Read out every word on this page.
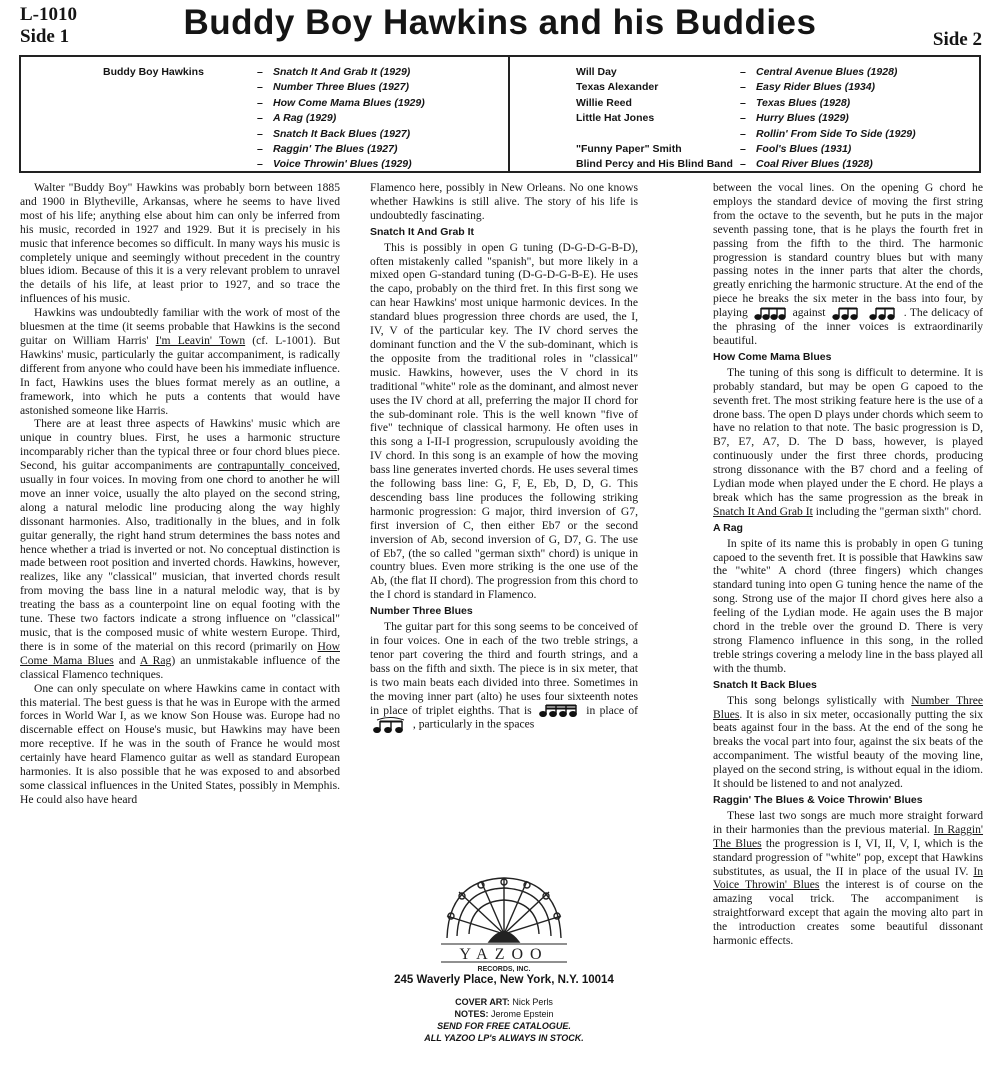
L-1010
Side 1	Buddy Boy Hawkins and his Buddies	Side 2
Buddy Boy Hawkins	– Snatch It And Grab It (1929)
– Number Three Blues (1927)
– How Come Mama Blues (1929)
– A Rag (1929)
– Snatch It Back Blues (1927)
– Raggin' The Blues (1927)
– Voice Throwin' Blues (1929)
Will Day	– Central Avenue Blues (1928)
Texas Alexander	– Easy Rider Blues (1934)
Willie Reed	– Texas Blues (1928)
Little Hat Jones	– Hurry Blues (1929)
– Rollin' From Side To Side (1929)
"Funny Paper" Smith	– Fool's Blues (1931)
Blind Percy and His Blind Band – Coal River Blues (1928)

Walter "Buddy Boy" Hawkins was probably born between 1885 and 1900 in Blytheville, Arkansas, where he seems to have lived most of his life; anything else about him can only be inferred from his music, recorded in 1927 and 1929. But it is precisely in his music that inference becomes so difficult. In many ways his music is completely unique and seemingly without precedent in the country blues idiom. Because of this it is a very relevant problem to unravel the details of his life, at least prior to 1927, and so trace the influences of his music.

Hawkins was undoubtedly familiar with the work of most of the bluesmen at the time (it seems probable that Hawkins is the second guitar on William Harris' I'm Leavin' Town (cf. L-1001). But Hawkins' music, particularly the guitar accompaniment, is radically different from anyone who could have been his immediate influence. In fact, Hawkins uses the blues format merely as an outline, a framework, into which he puts a contents that would have astonished someone like Harris.

There are at least three aspects of Hawkins' music which are unique in country blues. First, he uses a harmonic structure incomparably richer than the typical three or four chord blues piece. Second, his guitar accompaniments are contrapuntally conceived, usually in four voices. In moving from one chord to another he will move an inner voice, usually the alto played on the second string, along a natural melodic line producing along the way highly dissonant harmonies. Also, traditionally in the blues, and in folk guitar generally, the right hand strum determines the bass notes and hence whether a triad is inverted or not. No conceptual distinction is made between root position and inverted chords. Hawkins, however, realizes, like any "classical" musician, that inverted chords result from moving the bass line in a natural melodic way, that is by treating the bass as a counterpoint line on equal footing with the tune. These two factors indicate a strong influence on "classical" music, that is the composed music of white western Europe. Third, there is in some of the material on this record (primarily on How Come Mama Blues and A Rag) an unmistakable influence of the classical Flamenco techniques.

One can only speculate on where Hawkins came in contact with this material. The best guess is that he was in Europe with the armed forces in World War I, as we know Son House was. Europe had no discernable effect on House's music, but Hawkins may have been more receptive. If he was in the south of France he would most certainly have heard Flamenco guitar as well as standard European harmonies. It is also possible that he was exposed to and absorbed some classical influences in the United States, possibly in Memphis. He could also have heard

Flamenco here, possibly in New Orleans. No one knows whether Hawkins is still alive. The story of his life is undoubtedly fascinating.

Snatch It And Grab It

This is possibly in open G tuning (D-G-D-G-B-D), often mistakenly called "spanish", but more likely in a mixed open G-standard tuning (D-G-D-G-B-E). He uses the capo, probably on the third fret. In this first song we can hear Hawkins' most unique harmonic devices. In the standard blues progression three chords are used, the I, IV, V of the particular key. The IV chord serves the dominant function and the V the sub-dominant, which is the opposite from the traditional roles in "classical" music. Hawkins, however, uses the V chord in its traditional "white" role as the dominant, and almost never uses the IV chord at all, preferring the major II chord for the sub-dominant role. This is the well known "five of five" technique of classical harmony. He often uses in this song a I-II-I progression, scrupulously avoiding the IV chord. In this song is an example of how the moving bass line generates inverted chords. He uses several times the following bass line: G, F, E, Eb, D, D, G. This descending bass line produces the following striking harmonic progression: G major, third inversion of G7, first inversion of C, then either Eb7 or the second inversion of Ab, second inversion of G, D7, G. The use of Eb7, (the so called "german sixth" chord) is unique in country blues. Even more striking is the one use of the Ab, (the flat II chord). The progression from this chord to the I chord is standard in Flamenco.

Number Three Blues

The guitar part for this song seems to be conceived of in four voices. One in each of the two treble strings, a tenor part covering the third and fourth strings, and a bass on the fifth and sixth. The piece is in six meter, that is two main beats each divided into three. Sometimes in the moving inner part (alto) he uses four sixteenth notes in place of triplet eighths. That is	in place of  , particularly in the spaces

YAZOO
RECORDS, INC.
245 Waverly Place, New York, N.Y. 10014
COVER ART: Nick Perls
NOTES: Jerome Epstein
SEND FOR FREE CATALOGUE.
ALL YAZOO LP's ALWAYS IN STOCK.

between the vocal lines. On the opening G chord he employs the standard device of moving the first string from the octave to the seventh, but he puts in the major seventh passing tone, that is he plays the fourth fret in passing from the fifth to the third. The harmonic progression is standard country blues but with many passing notes in the inner parts that alter the chords, greatly enriching the harmonic structure. At the end of the piece he breaks the six meter in the bass into four, by playing	against	. The delicacy of the phrasing of the inner voices is extraordinarily beautiful.

How Come Mama Blues

The tuning of this song is difficult to determine. It is probably standard, but may be open G capoed to the seventh fret. The most striking feature here is the use of a drone bass. The open D plays under chords which seem to have no relation to that note. The basic progression is D, B7, E7, A7, D. The D bass, however, is played continuously under the first three chords, producing strong dissonance with the B7 chord and a feeling of Lydian mode when played under the E chord. He plays a break which has the same progression as the break in Snatch It And Grab It including the "german sixth" chord.

A Rag

In spite of its name this is probably in open G tuning capoed to the seventh fret. It is possible that Hawkins saw the "white" A chord (three fingers) which changes standard tuning into open G tuning hence the name of the song. Strong use of the major II chord gives here also a feeling of the Lydian mode. He again uses the B major chord in the treble over the ground D. There is very strong Flamenco influence in this song, in the rolled treble strings covering a melody line in the bass played all with the thumb.

Snatch It Back Blues

This song belongs sylistically with Number Three Blues. It is also in six meter, occasionally putting the six beats against four in the bass. At the end of the song he breaks the vocal part into four, against the six beats of the accompaniment. The wistful beauty of the moving line, played on the second string, is without equal in the idiom. It should be listened to and not analyzed.

Raggin' The Blues & Voice Throwin' Blues

These last two songs are much more straight forward in their harmonies than the previous material. In Raggin' The Blues the progression is I, VI, II, V, I, which is the standard progression of "white" pop, except that Hawkins substitutes, as usual, the II in place of the usual IV. In Voice Throwin' Blues the interest is of course on the amazing vocal trick. The accompaniment is straightforward except that again the moving alto part in the introduction creates some beautiful dissonant harmonic effects.
